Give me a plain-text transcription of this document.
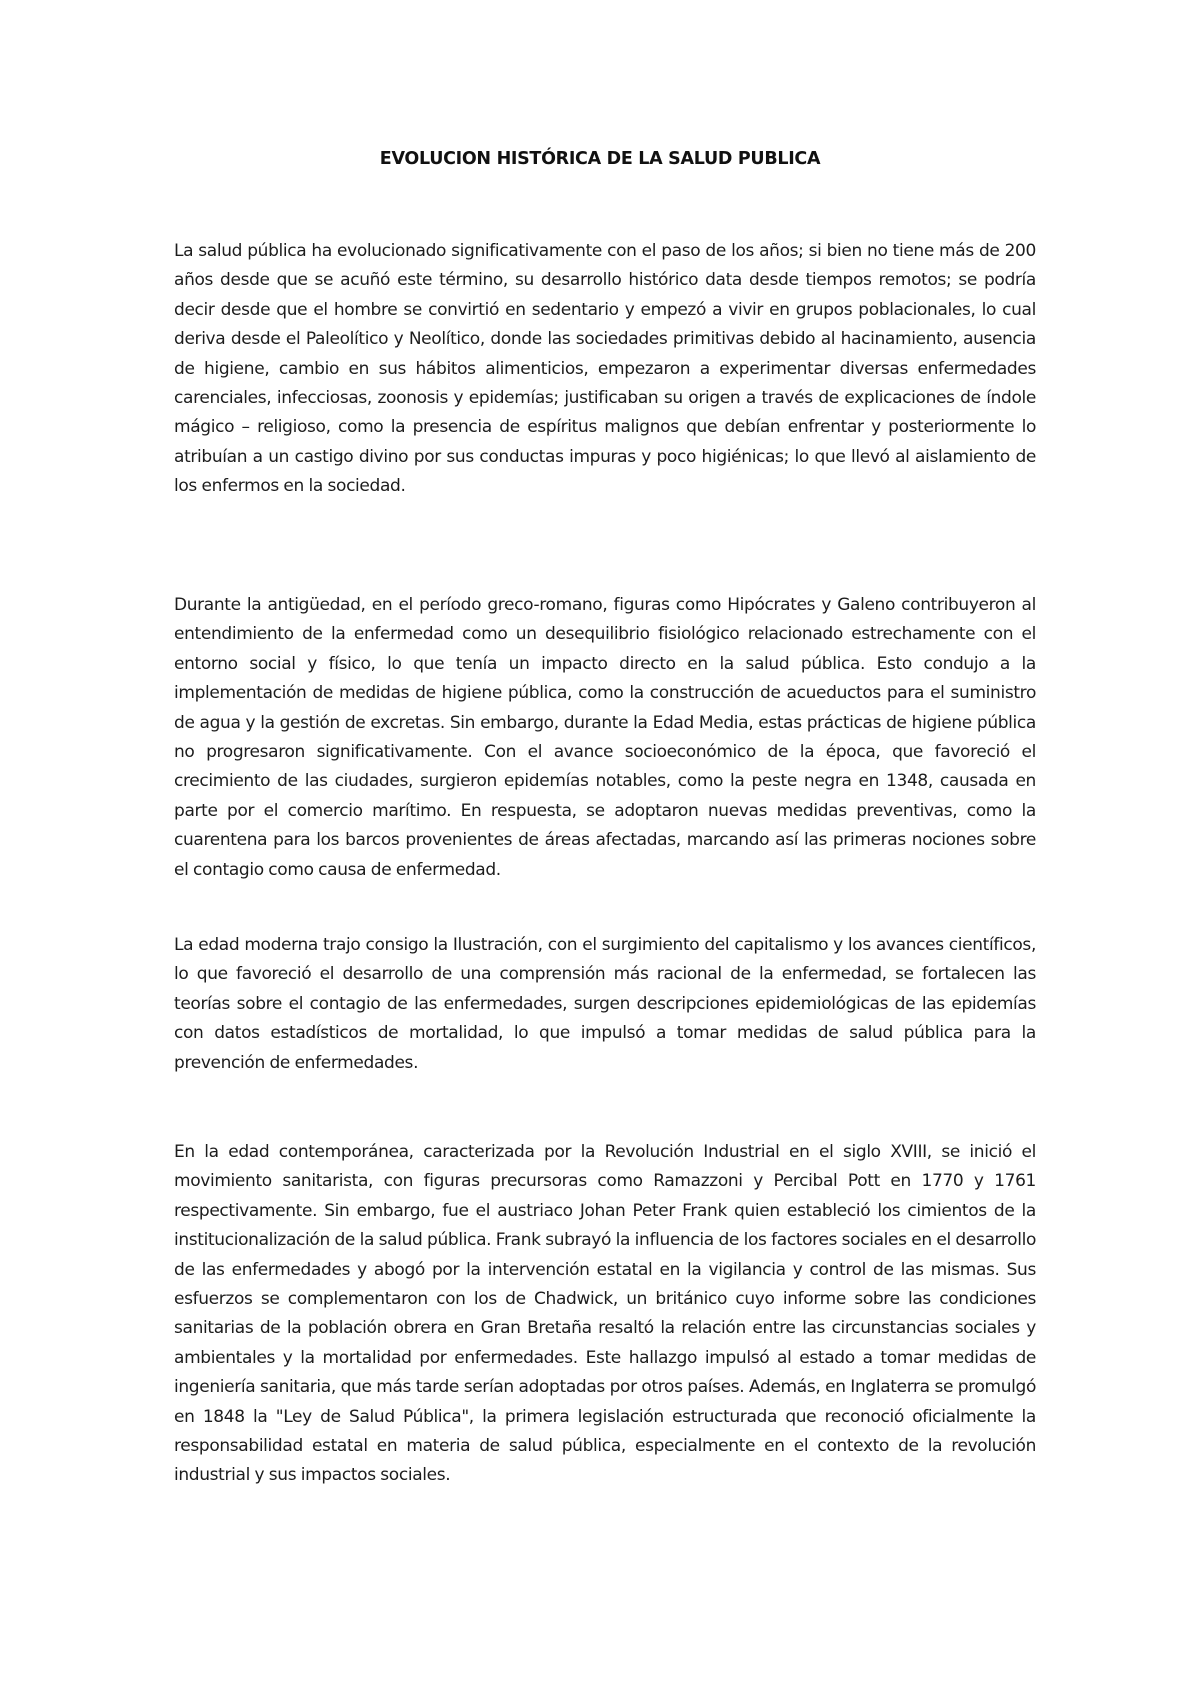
EVOLUCION HISTÓRICA DE LA SALUD PUBLICA

La salud pública ha evolucionado significativamente con el paso de los años; si bien no tiene más de 200 años desde que se acuñó este término, su desarrollo histórico data desde tiempos remotos; se podría decir desde que el hombre se convirtió en sedentario y empezó a vivir en grupos poblacionales, lo cual deriva desde el Paleolítico y Neolítico, donde las sociedades primitivas debido al hacinamiento, ausencia de higiene, cambio en sus hábitos alimenticios, empezaron a experimentar diversas enfermedades carenciales, infecciosas, zoonosis y epidemías; justificaban su origen a través de explicaciones de índole mágico – religioso, como la presencia de espíritus malignos que debían enfrentar y posteriormente lo atribuían a un castigo divino por sus conductas impuras y poco higiénicas; lo que llevó al aislamiento de los enfermos en la sociedad.

Durante la antigüedad, en el período greco-romano, figuras como Hipócrates y Galeno contribuyeron al entendimiento de la enfermedad como un desequilibrio fisiológico relacionado estrechamente con el entorno social y físico, lo que tenía un impacto directo en la salud pública. Esto condujo a la implementación de medidas de higiene pública, como la construcción de acueductos para el suministro de agua y la gestión de excretas. Sin embargo, durante la Edad Media, estas prácticas de higiene pública no progresaron significativamente. Con el avance socioeconómico de la época, que favoreció el crecimiento de las ciudades, surgieron epidemías notables, como la peste negra en 1348, causada en parte por el comercio marítimo. En respuesta, se adoptaron nuevas medidas preventivas, como la cuarentena para los barcos provenientes de áreas afectadas, marcando así las primeras nociones sobre el contagio como causa de enfermedad.

La edad moderna trajo consigo la Ilustración, con el surgimiento del capitalismo y los avances científicos, lo que favoreció el desarrollo de una comprensión más racional de la enfermedad, se fortalecen las teorías sobre el contagio de las enfermedades, surgen descripciones epidemiológicas de las epidemías con datos estadísticos de mortalidad, lo que impulsó a tomar medidas de salud pública para la prevención de enfermedades.

En la edad contemporánea, caracterizada por la Revolución Industrial en el siglo XVIII, se inició el movimiento sanitarista, con figuras precursoras como Ramazzoni y Percibal Pott en 1770 y 1761 respectivamente. Sin embargo, fue el austriaco Johan Peter Frank quien estableció los cimientos de la institucionalización de la salud pública. Frank subrayó la influencia de los factores sociales en el desarrollo de las enfermedades y abogó por la intervención estatal en la vigilancia y control de las mismas. Sus esfuerzos se complementaron con los de Chadwick, un británico cuyo informe sobre las condiciones sanitarias de la población obrera en Gran Bretaña resaltó la relación entre las circunstancias sociales y ambientales y la mortalidad por enfermedades. Este hallazgo impulsó al estado a tomar medidas de ingeniería sanitaria, que más tarde serían adoptadas por otros países. Además, en Inglaterra se promulgó en 1848 la "Ley de Salud Pública", la primera legislación estructurada que reconoció oficialmente la responsabilidad estatal en materia de salud pública, especialmente en el contexto de la revolución industrial y sus impactos sociales.
